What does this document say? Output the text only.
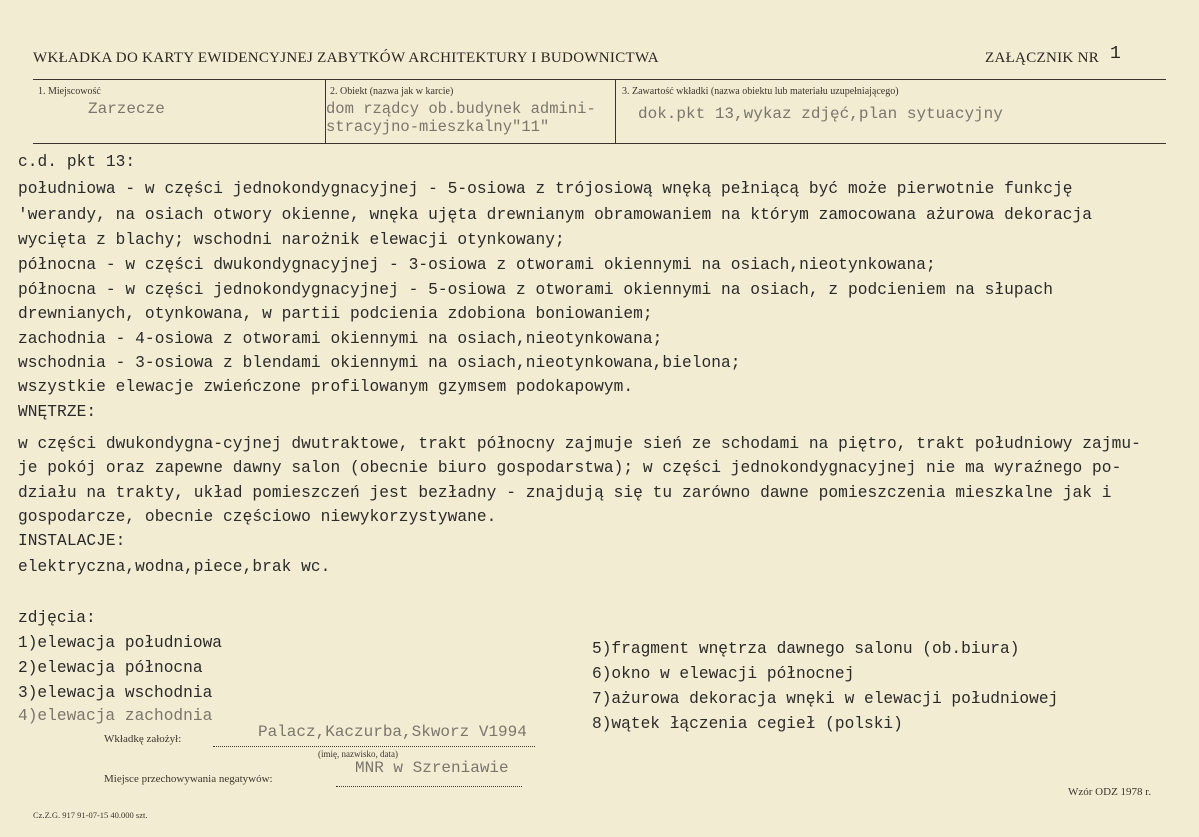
WKŁADKA DO KARTY EWIDENCYJNEJ ZABYTKÓW ARCHITEKTURY I BUDOWNICTWA	ZAŁĄCZNIK NR 1
1. Miejscowość
Zarzecze
2. Obiekt (nazwa jak w karcie)
dom rządcy ob.budynek admini-
stracyjno-mieszkalny"11"
3. Zawartość wkładki (nazwa obiektu lub materiału uzupełniającego)
dok.pkt 13,wykaz zdjęć,plan sytuacyjny
c.d. pkt 13:
południowa - w części jednokondygnacyjnej - 5-osiowa z trójosiową wnęką pełniącą być może pierwotnie funkcję
'werandy, na osiach otwory okienne, wnęka ujęta drewnianym obramowaniem na którym zamocowana ażurowa dekoracja
wycięta z blachy; wschodni narożnik elewacji otynkowany;
północna - w części dwukondygnacyjnej - 3-osiowa z otworami okiennymi na osiach,nieotynkowana;
północna - w części jednokondygnacyjnej - 5-osiowa z otworami okiennymi na osiach, z podcieniem na słupach
drewnianych, otynkowana, w partii podcienia zdobiona boniowaniem;
zachodnia - 4-osiowa z otworami okiennymi na osiach,nieotynkowana;
wschodnia - 3-osiowa z blendami okiennymi na osiach,nieotynkowana,bielona;
wszystkie elewacje zwieńczone profilowanym gzymsem podokapowym.
WNĘTRZE:
w części dwukondygna-cyjnej dwutraktowe, trakt północny zajmuje sień ze schodami na piętro, trakt południowy zajmu-
je pokój oraz zapewne dawny salon (obecnie biuro gospodarstwa); w części jednokondygnacyjnej nie ma wyraźnego po-
działu na trakty, układ pomieszczeń jest bezładny - znajdują się tu zarówno dawne pomieszczenia mieszkalne jak i
gospodarcze, obecnie częściowo niewykorzystywane.
INSTALACJE:
elektryczna,wodna,piece,brak wc.
zdjęcia:
1)elewacja południowa
2)elewacja północna
3)elewacja wschodnia
4)elewacja zachodnia
5)fragment wnętrza dawnego salonu (ob.biura)
6)okno w elewacji północnej
7)ażurowa dekoracja wnęki w elewacji południowej
8)wątek łączenia cegieł (polski)
Wkładkę założył:	Palacz,Kaczurba,Skworz V1994
(imię, nazwisko, data)
Miejsce przechowywania negatywów:
MNR w Szreniawie
Cz.Z.G. 917 91-07-15 40.000 szt.
Wzór ODZ 1978 r.
